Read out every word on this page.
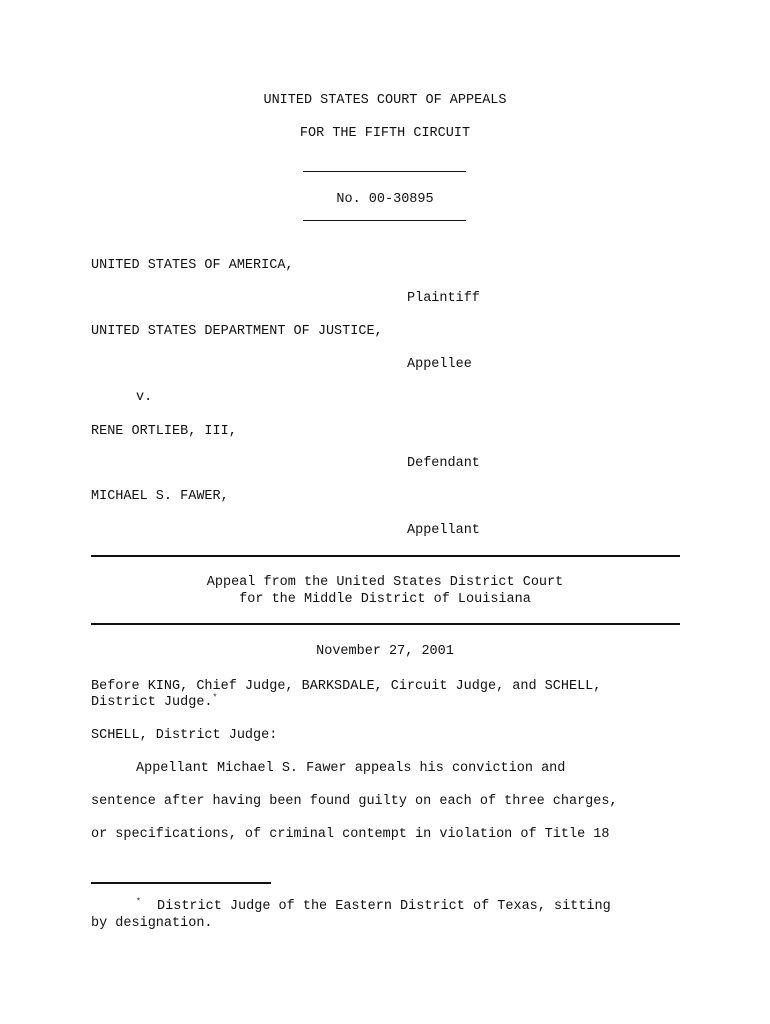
UNITED STATES COURT OF APPEALS

FOR THE FIFTH CIRCUIT

No. 00-30895

UNITED STATES OF AMERICA,

Plaintiff

UNITED STATES DEPARTMENT OF JUSTICE,

Appellee

v.

RENE ORTLIEB, III,

Defendant

MICHAEL S. FAWER,

Appellant

Appeal from the United States District Court

for the Middle District of Louisiana

November 27, 2001

Before KING, Chief Judge, BARKSDALE, Circuit Judge, and SCHELL,

District Judge.*

SCHELL, District Judge:

Appellant Michael S. Fawer appeals his conviction and

sentence after having been found guilty on each of three charges,

or specifications, of criminal contempt in violation of Title 18

* District Judge of the Eastern District of Texas, sitting

by designation.
